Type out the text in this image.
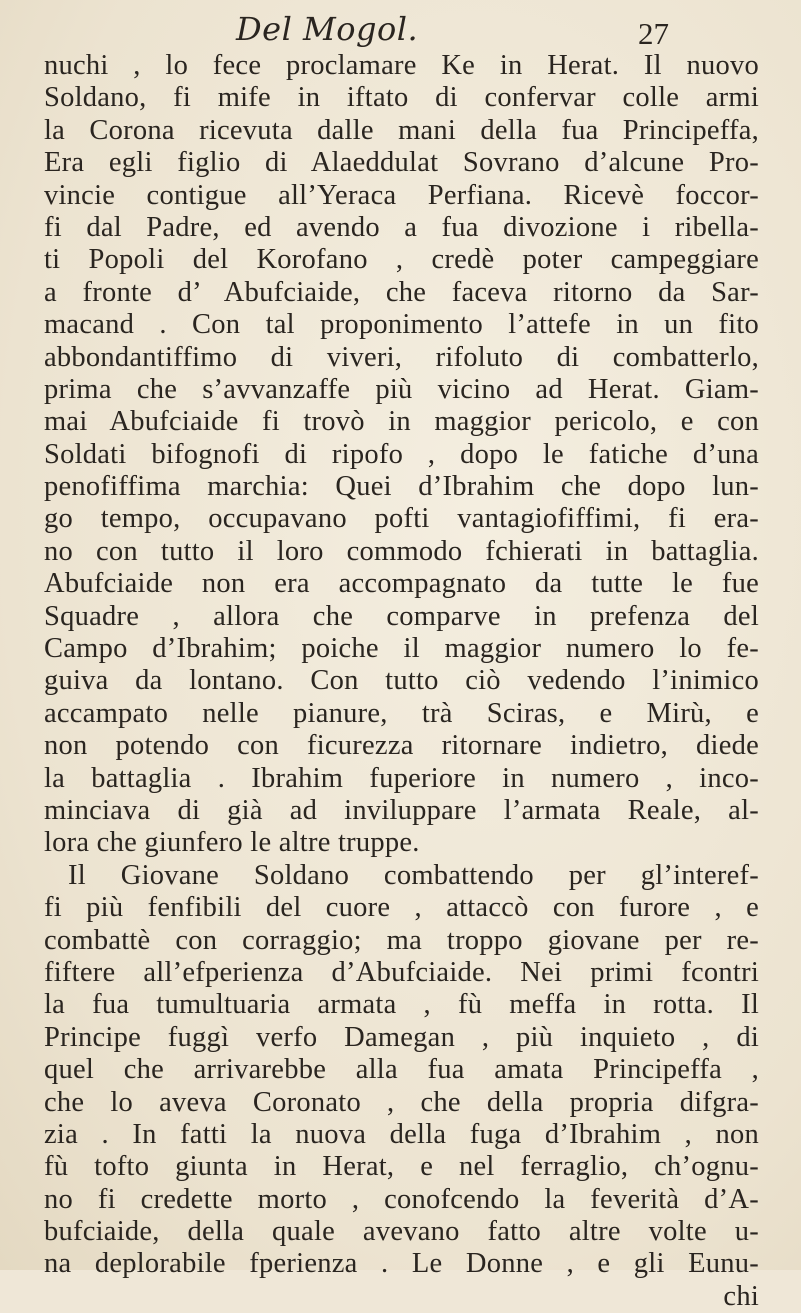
Del Mogol.	27
nuchi , lo fece proclamare Ke in Herat. Il nuovo
Soldano, fi mife in iftato di confervar colle armi
la Corona ricevuta dalle mani della fua Principeffa,
Era egli figlio di Alaeddulat Sovrano d’alcune Pro-
vincie contigue all’Yeraca Perfiana. Ricevè foccor-
fi dal Padre, ed avendo a fua divozione i ribella-
ti Popoli del Korofano , credè poter campeggiare
a fronte d’ Abufciaide, che faceva ritorno da Sar-
macand . Con tal proponimento l’attefe in un fito
abbondantiffimo di viveri, rifoluto di combatterlo,
prima che s’avvanzaffe più vicino ad Herat. Giam-
mai Abufciaide fi trovò in maggior pericolo, e con
Soldati bifognofi di ripofo , dopo le fatiche d’una
penofiffima marchia: Quei d’Ibrahim che dopo lun-
go tempo, occupavano pofti vantagiofiffimi, fi era-
no con tutto il loro commodo fchierati in battaglia.
Abufciaide non era accompagnato da tutte le fue
Squadre , allora che comparve in prefenza del
Campo d’Ibrahim; poiche il maggior numero lo fe-
guiva da lontano. Con tutto ciò vedendo l’inimico
accampato nelle pianure, trà Sciras, e Mirù, e
non potendo con ficurezza ritornare indietro, diede
la battaglia . Ibrahim fuperiore in numero , inco-
minciava di già ad inviluppare l’armata Reale, al-
lora che giunfero le altre truppe.
Il Giovane Soldano combattendo per gl’interef-
fi più fenfibili del cuore , attaccò con furore , e
combattè con corraggio; ma troppo giovane per re-
fiftere all’efperienza d’Abufciaide. Nei primi fcontri
la fua tumultuaria armata , fù meffa in rotta. Il
Principe fuggì verfo Damegan , più inquieto , di
quel che arrivarebbe alla fua amata Principeffa ,
che lo aveva Coronato , che della propria difgra-
zia . In fatti la nuova della fuga d’Ibrahim , non
fù tofto giunta in Herat, e nel ferraglio, ch’ognu-
no fi credette morto , conofcendo la feverità d’A-
bufciaide, della quale avevano fatto altre volte u-
na deplorabile fperienza . Le Donne , e gli Eunu-
chi
